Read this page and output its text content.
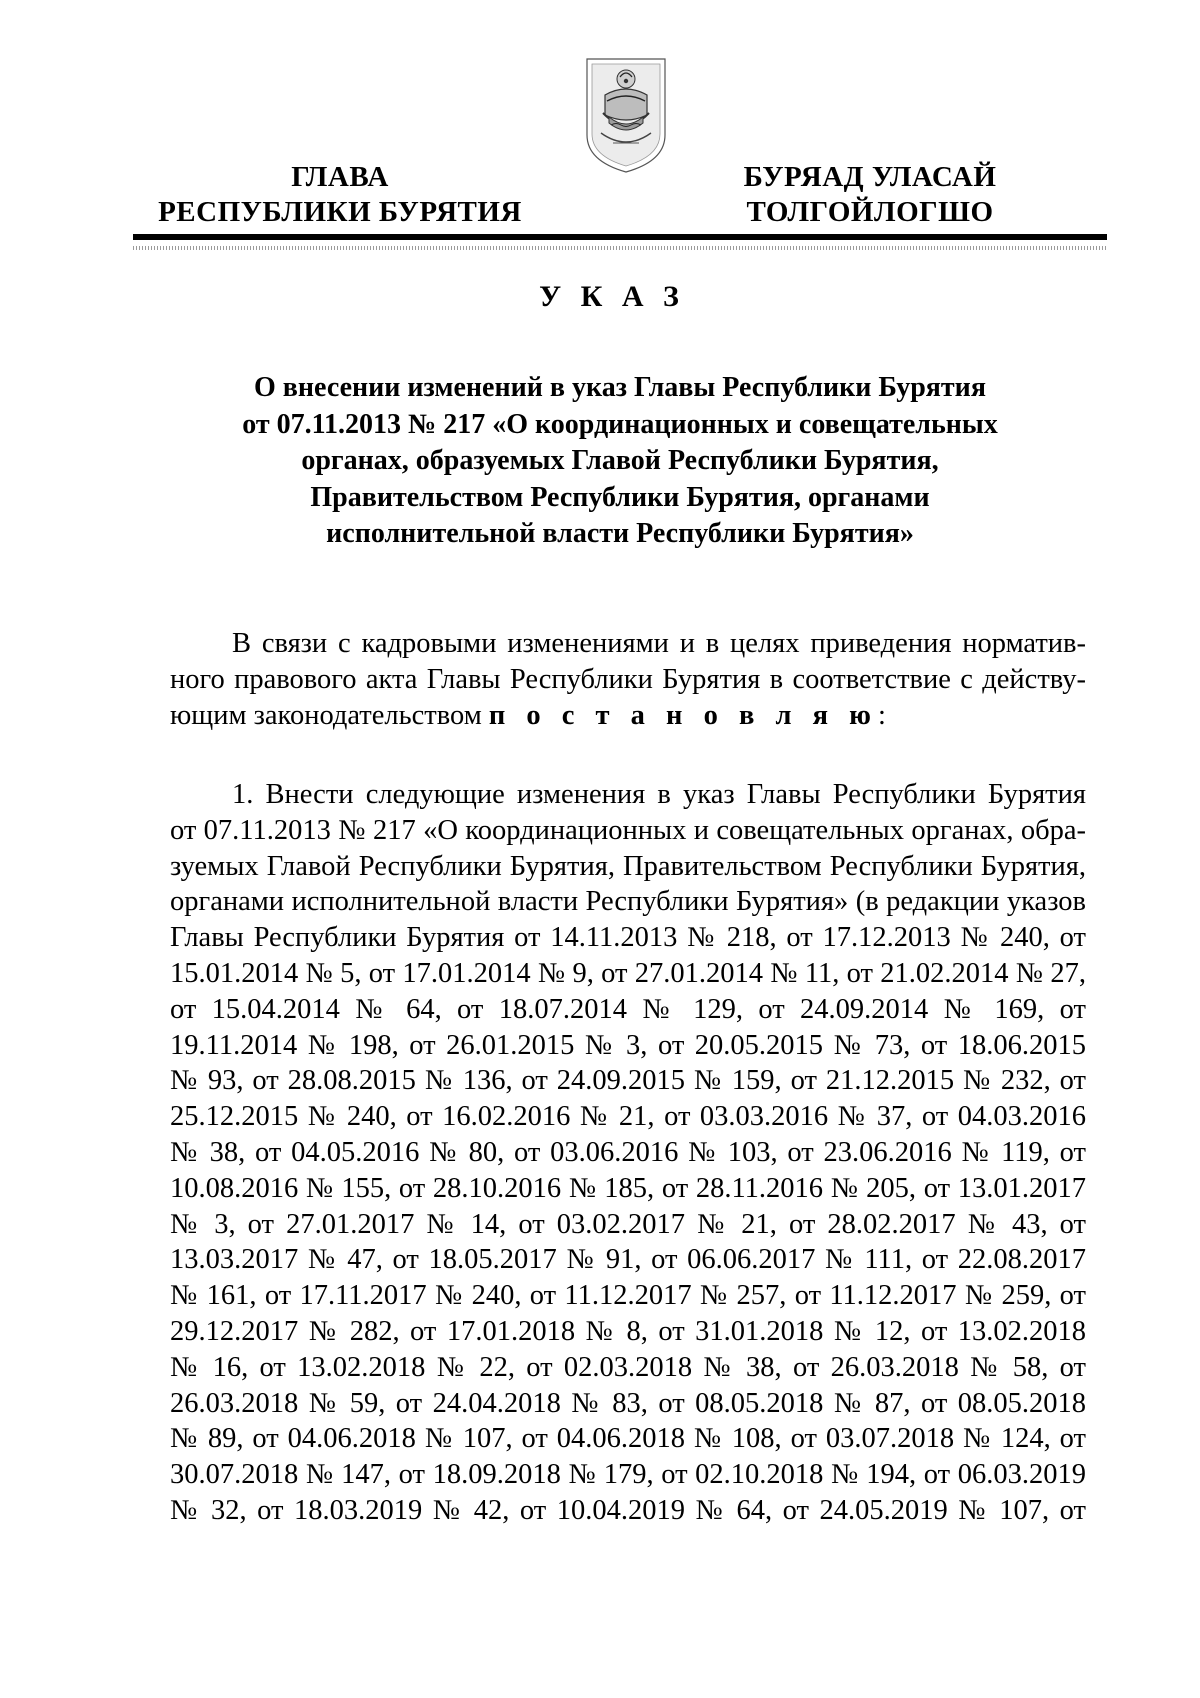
ГЛАВА
РЕСПУБЛИКИ БУРЯТИЯ
БУРЯАД УЛАСАЙ
ТОЛГОЙЛОГШО
У К А З
О внесении изменений в указ Главы Республики Бурятия
от 07.11.2013 № 217 «О координационных и совещательных
органах, образуемых Главой Республики Бурятия,
Правительством Республики Бурятия, органами
исполнительной власти Республики Бурятия»
В связи с кадровыми изменениями и в целях приведения норматив-
ного правового акта Главы Республики Бурятия в соответствие с действу-
ющим законодательством п о с т а н о в л я ю:
1. Внести следующие изменения в указ Главы Республики Бурятия
от 07.11.2013 № 217 «О координационных и совещательных органах, обра-
зуемых Главой Республики Бурятия, Правительством Республики Бурятия,
органами исполнительной власти Республики Бурятия» (в редакции указов
Главы Республики Бурятия от 14.11.2013 № 218, от 17.12.2013 № 240, от
15.01.2014 № 5, от 17.01.2014 № 9, от 27.01.2014 № 11, от 21.02.2014 № 27,
от 15.04.2014 № 64, от 18.07.2014 № 129, от 24.09.2014 № 169, от
19.11.2014 № 198, от 26.01.2015 № 3, от 20.05.2015 № 73, от 18.06.2015
№ 93, от 28.08.2015 № 136, от 24.09.2015 № 159, от 21.12.2015 № 232, от
25.12.2015 № 240, от 16.02.2016 № 21, от 03.03.2016 № 37, от 04.03.2016
№ 38, от 04.05.2016 № 80, от 03.06.2016 № 103, от 23.06.2016 № 119, от
10.08.2016 № 155, от 28.10.2016 № 185, от 28.11.2016 № 205, от 13.01.2017
№ 3, от 27.01.2017 № 14, от 03.02.2017 № 21, от 28.02.2017 № 43, от
13.03.2017 № 47, от 18.05.2017 № 91, от 06.06.2017 № 111, от 22.08.2017
№ 161, от 17.11.2017 № 240, от 11.12.2017 № 257, от 11.12.2017 № 259, от
29.12.2017 № 282, от 17.01.2018 № 8, от 31.01.2018 № 12, от 13.02.2018
№ 16, от 13.02.2018 № 22, от 02.03.2018 № 38, от 26.03.2018 № 58, от
26.03.2018 № 59, от 24.04.2018 № 83, от 08.05.2018 № 87, от 08.05.2018
№ 89, от 04.06.2018 № 107, от 04.06.2018 № 108, от 03.07.2018 № 124, от
30.07.2018 № 147, от 18.09.2018 № 179, от 02.10.2018 № 194, от 06.03.2019
№ 32, от 18.03.2019 № 42, от 10.04.2019 № 64, от 24.05.2019 № 107, от
